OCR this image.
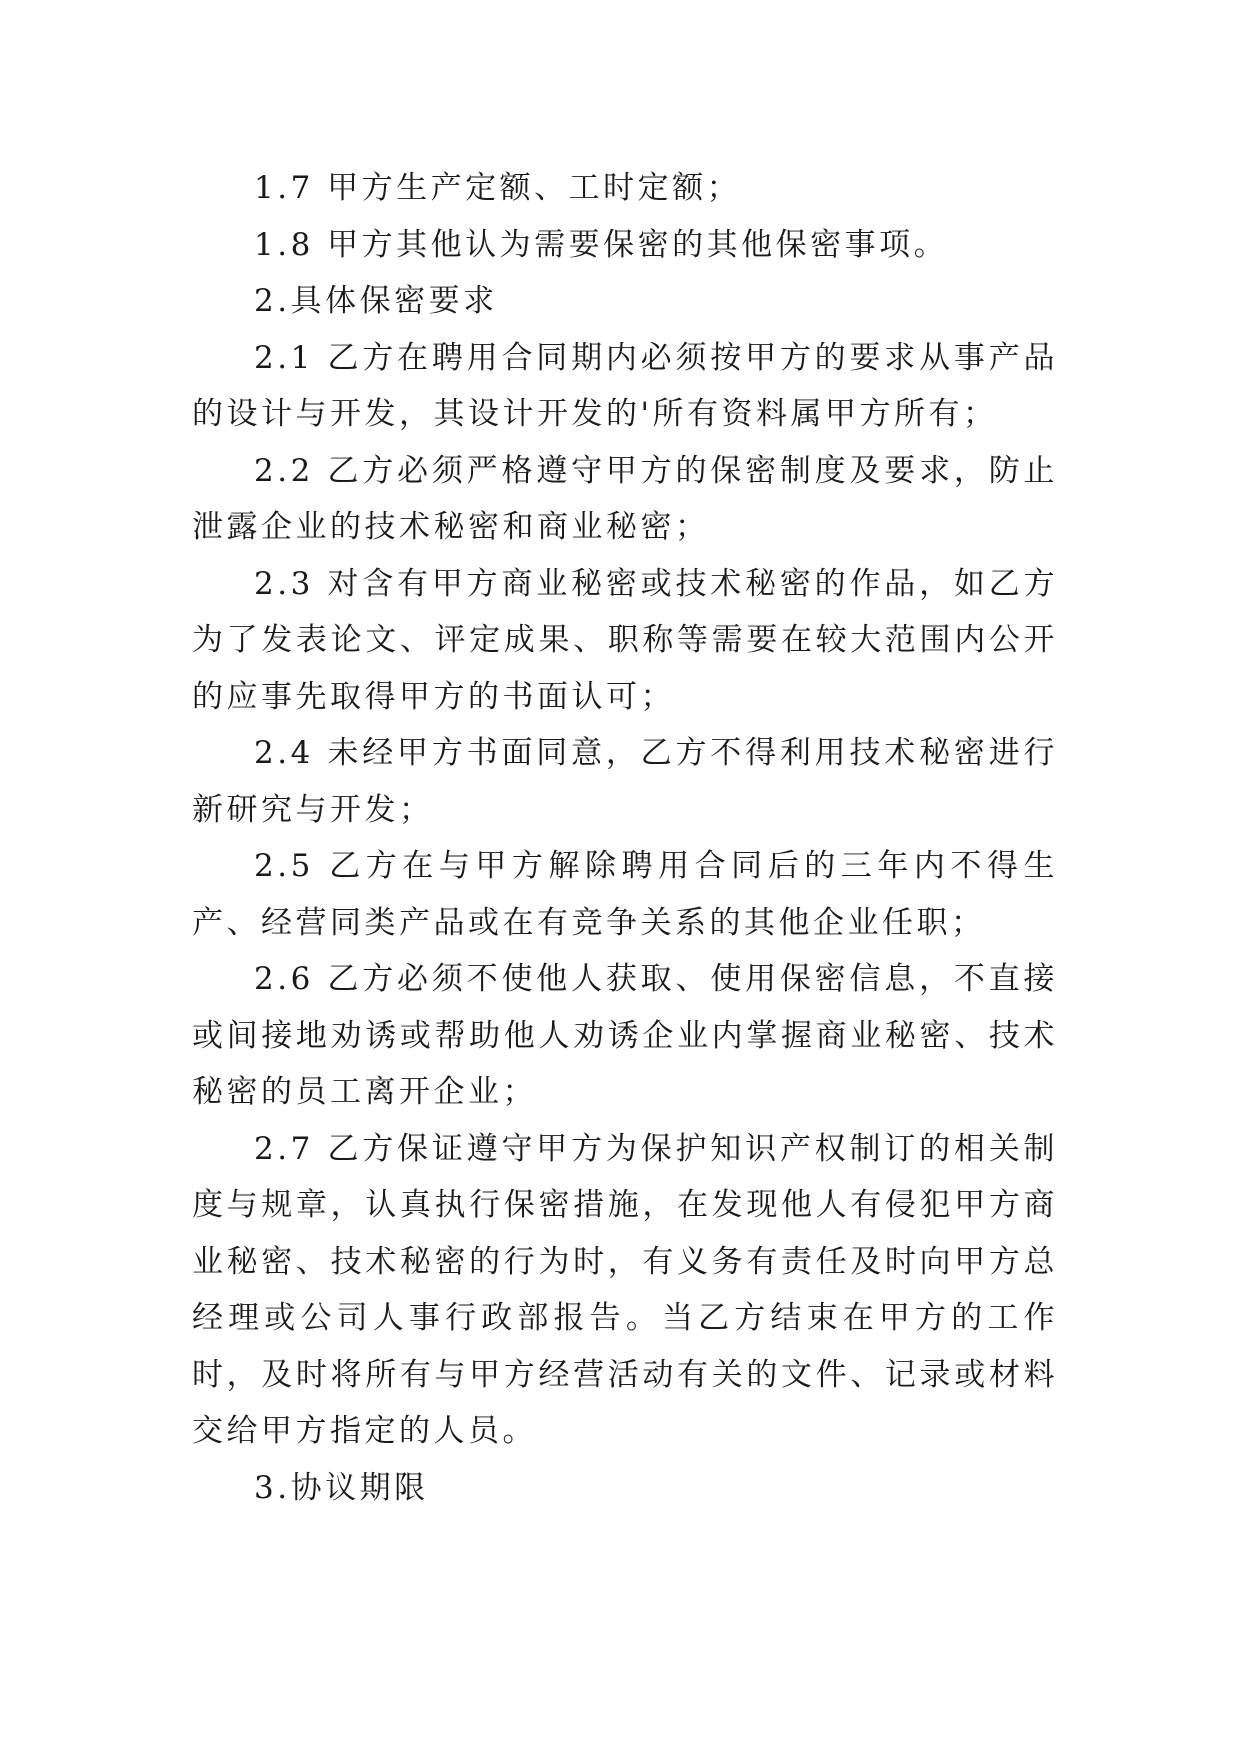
1.7 甲方生产定额、工时定额；

1.8 甲方其他认为需要保密的其他保密事项。

2.具体保密要求

2.1 乙方在聘用合同期内必须按甲方的要求从事产品的设计与开发，其设计开发的'所有资料属甲方所有；

2.2 乙方必须严格遵守甲方的保密制度及要求，防止泄露企业的技术秘密和商业秘密；

2.3 对含有甲方商业秘密或技术秘密的作品，如乙方为了发表论文、评定成果、职称等需要在较大范围内公开的应事先取得甲方的书面认可；

2.4 未经甲方书面同意，乙方不得利用技术秘密进行新研究与开发；

2.5 乙方在与甲方解除聘用合同后的三年内不得生产、经营同类产品或在有竞争关系的其他企业任职；

2.6 乙方必须不使他人获取、使用保密信息，不直接或间接地劝诱或帮助他人劝诱企业内掌握商业秘密、技术秘密的员工离开企业；

2.7 乙方保证遵守甲方为保护知识产权制订的相关制度与规章，认真执行保密措施，在发现他人有侵犯甲方商业秘密、技术秘密的行为时，有义务有责任及时向甲方总经理或公司人事行政部报告。当乙方结束在甲方的工作时，及时将所有与甲方经营活动有关的文件、记录或材料交给甲方指定的人员。

3.协议期限
